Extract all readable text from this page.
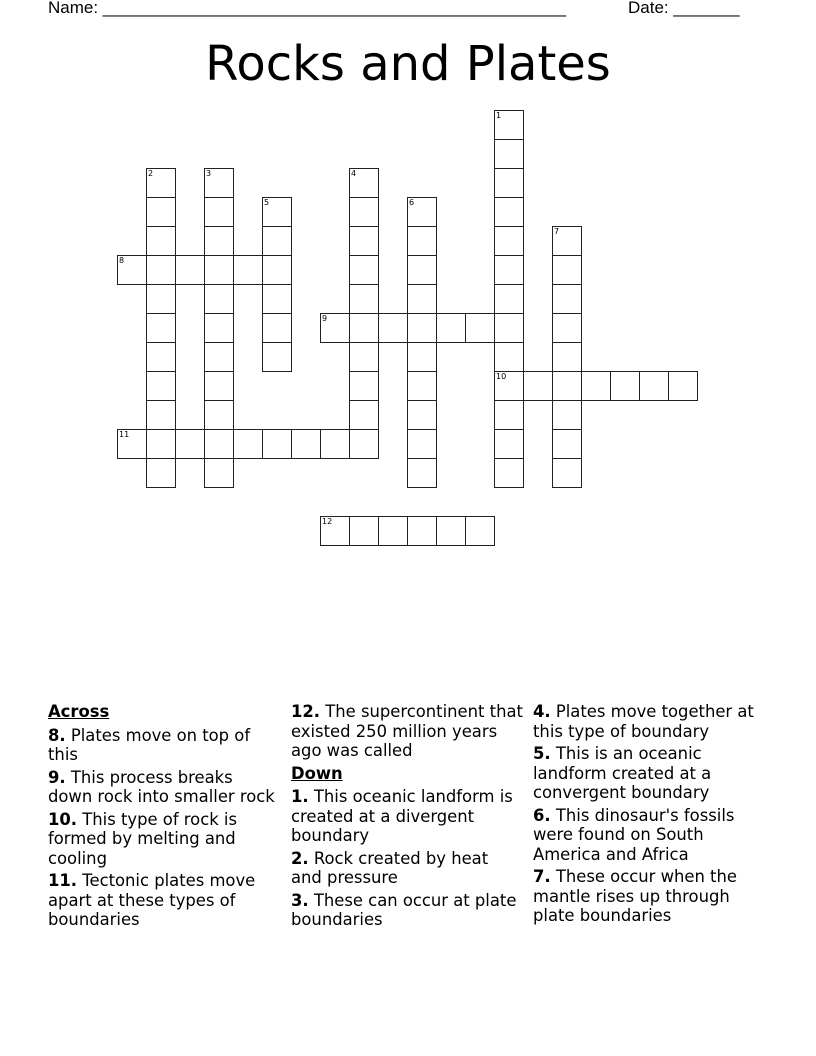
Name: _________________________________________________	Date: _______
Rocks and Plates
1
10
2	3	4
5	6
7
8
9
11
12
Across
8. Plates move on top of this
9. This process breaks down rock into smaller rock
10. This type of rock is formed by melting and cooling
11. Tectonic plates move apart at these types of boundaries
12. The supercontinent that existed 250 million years ago was called
Down
1. This oceanic landform is created at a divergent boundary
2. Rock created by heat and pressure
3. These can occur at plate boundaries
4. Plates move together at this type of boundary
5. This is an oceanic landform created at a convergent boundary
6. This dinosaur's fossils were found on South America and Africa
7. These occur when the mantle rises up through plate boundaries
